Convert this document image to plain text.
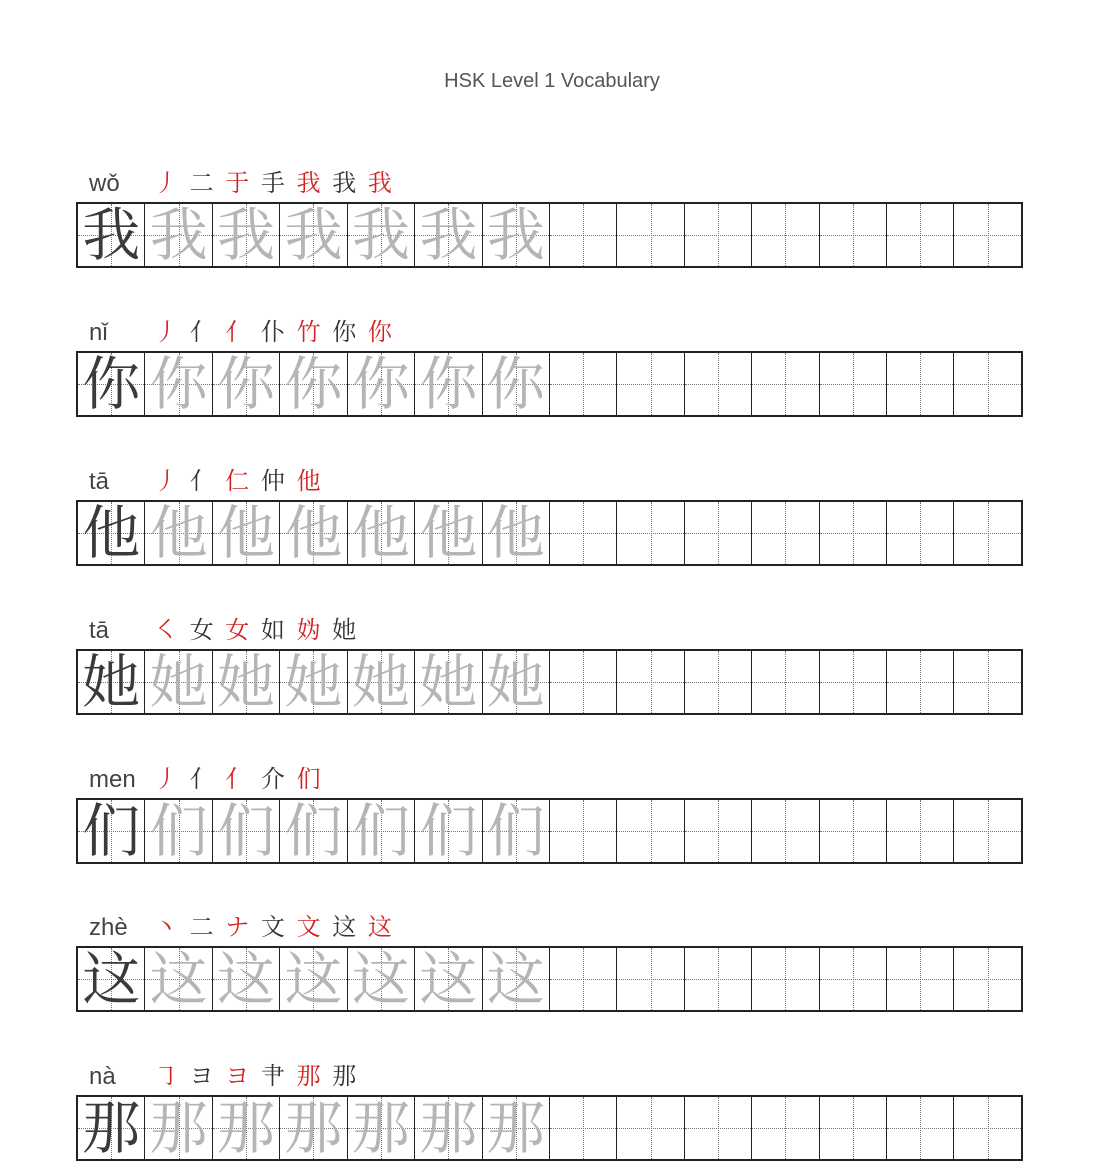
HSK Level 1 Vocabulary
wǒ 丿 二 于 手 我 我 我
我 我 我 我 我 我 我
nǐ 丿 亻 亻 仆 竹 你 你
你 你 你 你 你 你 你
tā 丿 亻 仁 仲 他
他 他 他 他 他 他 他
tā ㇛ 女 女 如 妫 她
她 她 她 她 她 她 她
men 丿 亻 亻 介 们
们 们 们 们 们 们 们
zhè 丶 二 ナ 文 文 这 这
这 这 这 这 这 这 这
nà ㇆ ヨ ヨ 肀 那 那
那 那 那 那 那 那 那
